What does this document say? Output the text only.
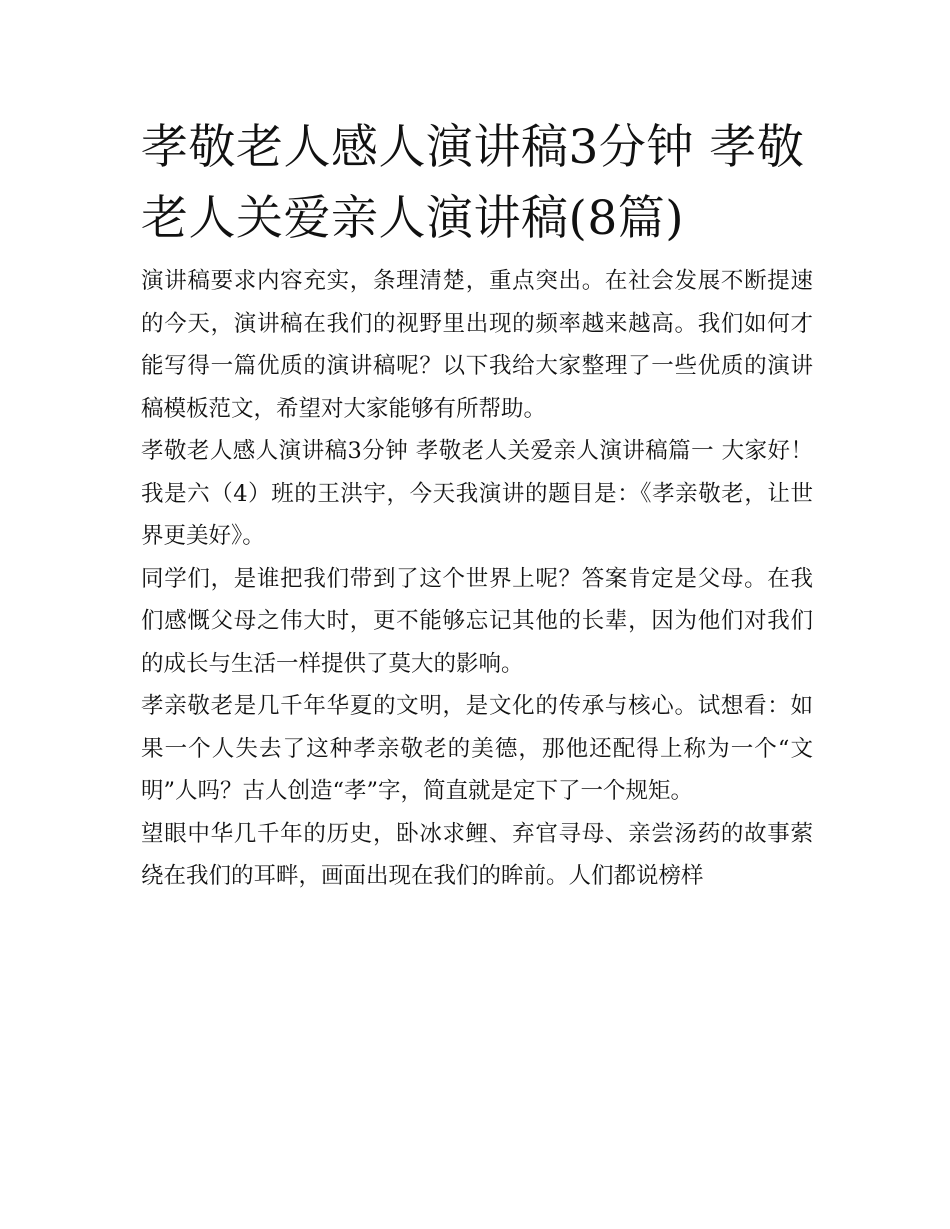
孝敬老人感人演讲稿3分钟 孝敬老人关爱亲人演讲稿(8篇)

演讲稿要求内容充实，条理清楚，重点突出。在社会发展不断提速的今天，演讲稿在我们的视野里出现的频率越来越高。我们如何才能写得一篇优质的演讲稿呢？以下我给大家整理了一些优质的演讲稿模板范文，希望对大家能够有所帮助。

孝敬老人感人演讲稿3分钟 孝敬老人关爱亲人演讲稿篇一 大家好！我是六（4）班的王洪宇，今天我演讲的题目是：《孝亲敬老，让世界更美好》。

同学们，是谁把我们带到了这个世界上呢？答案肯定是父母。在我们感慨父母之伟大时，更不能够忘记其他的长辈，因为他们对我们的成长与生活一样提供了莫大的影响。

孝亲敬老是几千年华夏的文明，是文化的传承与核心。试想看：如果一个人失去了这种孝亲敬老的美德，那他还配得上称为一个“文明”人吗？古人创造“孝”字，简直就是定下了一个规矩。

望眼中华几千年的历史，卧冰求鲤、弃官寻母、亲尝汤药的故事萦绕在我们的耳畔，画面出现在我们的眸前。人们都说榜样
